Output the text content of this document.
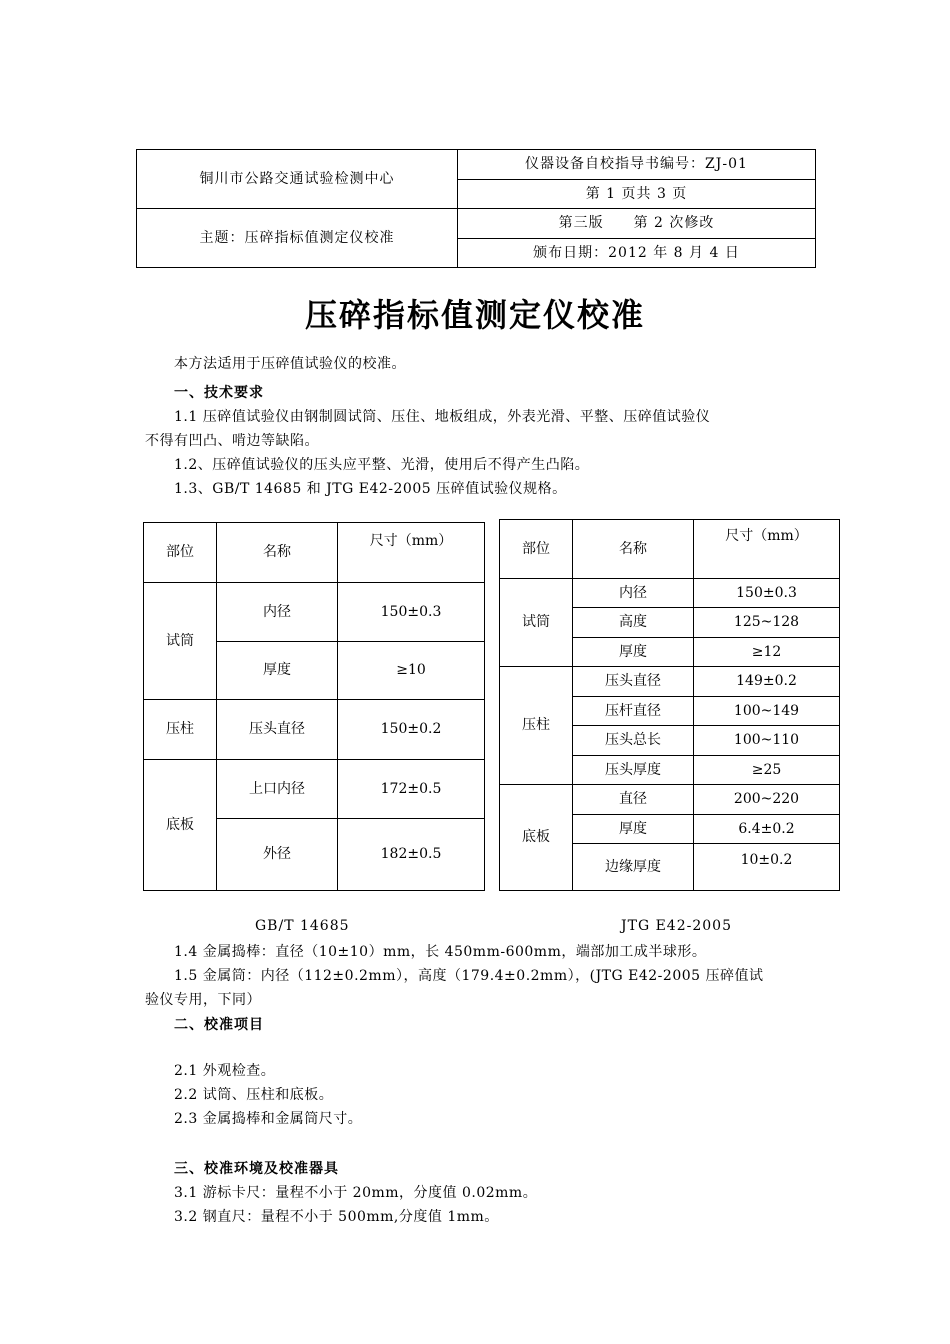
铜川市公路交通试验检测中心	仪器设备自校指导书编号：ZJ-01
	第 1 页共 3 页
主题：压碎指标值测定仪校准	第三版　　第 2 次修改
	颁布日期：2012 年 8 月 4 日
压碎指标值测定仪校准
本方法适用于压碎值试验仪的校准。
一、技术要求
1.1 压碎值试验仪由钢制圆试筒、压住、地板组成，外表光滑、平整、压碎值试验仪
不得有凹凸、啃边等缺陷。
1.2、压碎值试验仪的压头应平整、光滑，使用后不得产生凸陷。
1.3、GB/T 14685 和 JTG E42-2005 压碎值试验仪规格。
部位	名称	尺寸（mm）
试筒	内径	150±0.3
	厚度	≥10
压柱	压头直径	150±0.2
底板	上口内径	172±0.5
	外径	182±0.5
部位	名称	尺寸（mm）
试筒	内径	150±0.3
	高度	125~128
	厚度	≥12
压柱	压头直径	149±0.2
	压杆直径	100~149
	压头总长	100~110
	压头厚度	≥25
底板	直径	200~220
	厚度	6.4±0.2
	边缘厚度	10±0.2
GB/T 14685	JTG E42-2005
1.4 金属捣棒：直径（10±10）mm，长 450mm-600mm，端部加工成半球形。
1.5 金属筒：内径（112±0.2mm），高度（179.4±0.2mm），(JTG E42-2005 压碎值试
验仪专用，下同）
二、校准项目
2.1 外观检查。
2.2 试筒、压柱和底板。
2.3 金属捣棒和金属筒尺寸。
三、校准环境及校准器具
3.1 游标卡尺：量程不小于 20mm，分度值 0.02mm。
3.2 钢直尺：量程不小于 500mm,分度值 1mm。
